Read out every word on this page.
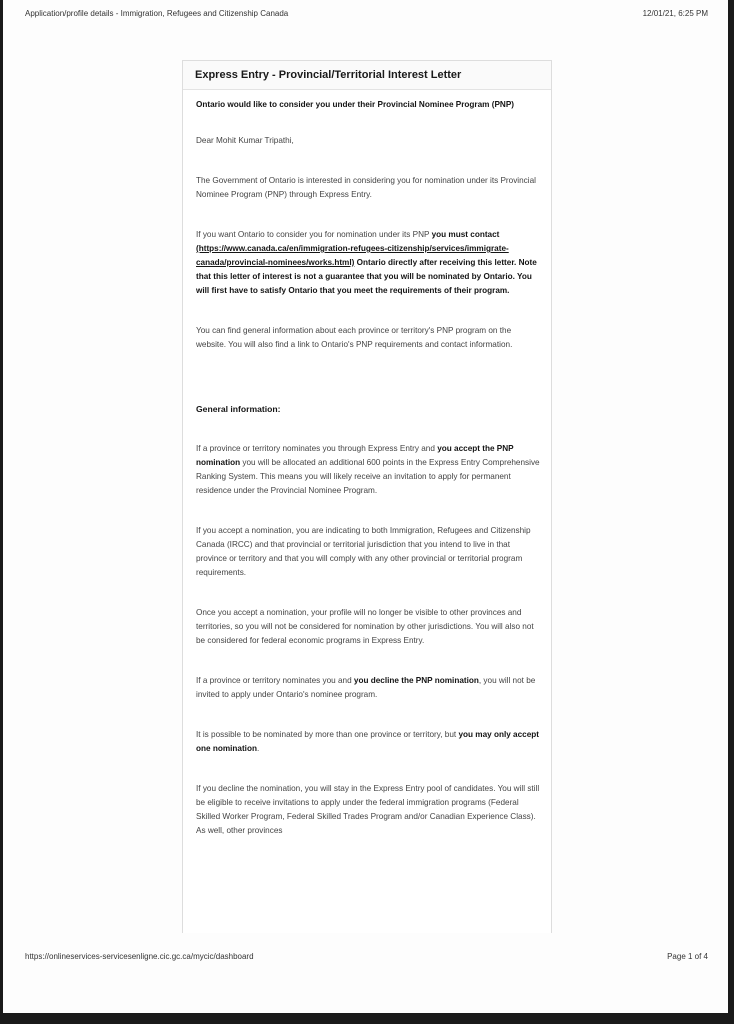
Application/profile details - Immigration, Refugees and Citizenship Canada	12/01/21, 6:25 PM
Express Entry - Provincial/Territorial Interest Letter

Ontario would like to consider you under their Provincial Nominee Program (PNP)

Dear Mohit Kumar Tripathi,

The Government of Ontario is interested in considering you for nomination under its Provincial Nominee Program (PNP) through Express Entry.

If you want Ontario to consider you for nomination under its PNP you must contact (https://www.canada.ca/en/immigration-refugees-citizenship/services/immigrate-canada/provincial-nominees/works.html) Ontario directly after receiving this letter. Note that this letter of interest is not a guarantee that you will be nominated by Ontario. You will first have to satisfy Ontario that you meet the requirements of their program.

You can find general information about each province or territory's PNP program on the website. You will also find a link to Ontario's PNP requirements and contact information.

General information:

If a province or territory nominates you through Express Entry and you accept the PNP nomination you will be allocated an additional 600 points in the Express Entry Comprehensive Ranking System. This means you will likely receive an invitation to apply for permanent residence under the Provincial Nominee Program.

If you accept a nomination, you are indicating to both Immigration, Refugees and Citizenship Canada (IRCC) and that provincial or territorial jurisdiction that you intend to live in that province or territory and that you will comply with any other provincial or territorial program requirements.

Once you accept a nomination, your profile will no longer be visible to other provinces and territories, so you will not be considered for nomination by other jurisdictions. You will also not be considered for federal economic programs in Express Entry.

If a province or territory nominates you and you decline the PNP nomination, you will not be invited to apply under Ontario's nominee program.

It is possible to be nominated by more than one province or territory, but you may only accept one nomination.

If you decline the nomination, you will stay in the Express Entry pool of candidates. You will still be eligible to receive invitations to apply under the federal immigration programs (Federal Skilled Worker Program, Federal Skilled Trades Program and/or Canadian Experience Class). As well, other provinces

https://onlineservices-servicesenligne.cic.gc.ca/mycic/dashboard	Page 1 of 4
